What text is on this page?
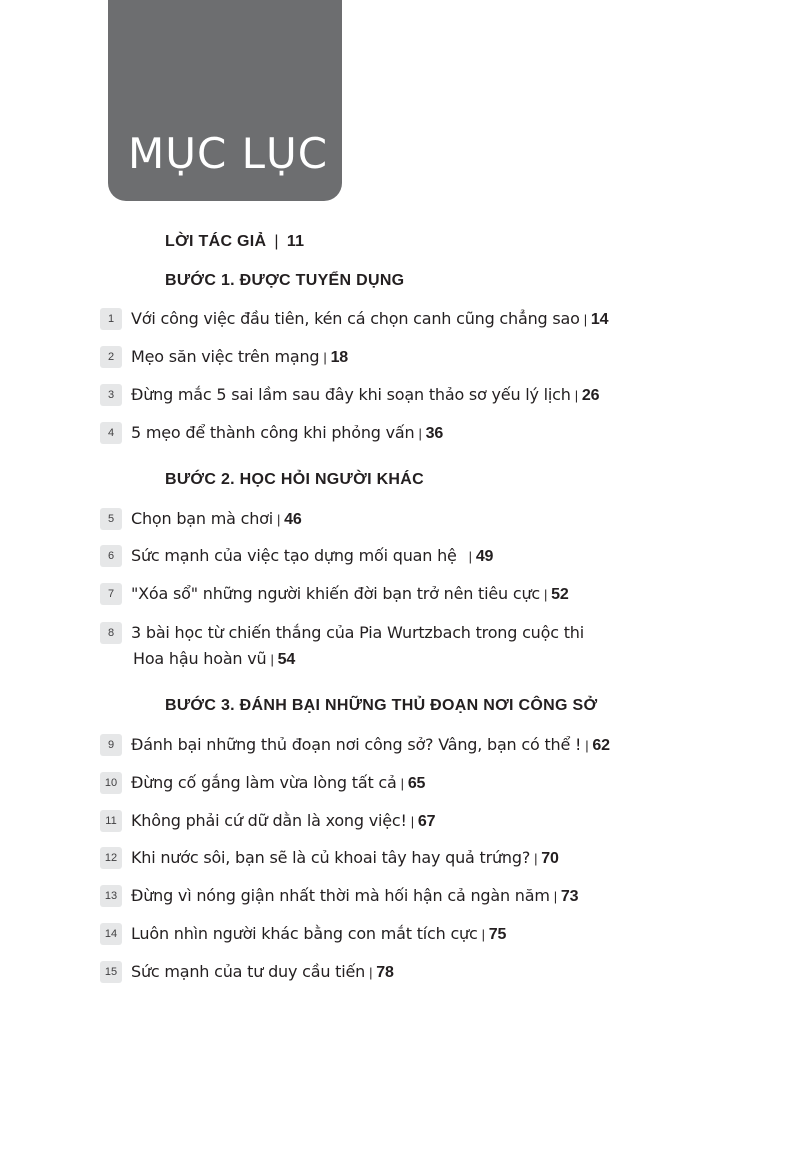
MỤC LỤC
LỜI TÁC GIẢ | 11
BƯỚC 1. ĐƯỢC TUYỂN DỤNG
1	Với công việc đầu tiên, kén cá chọn canh cũng chẳng sao | 14
2	Mẹo săn việc trên mạng | 18
3	Đừng mắc 5 sai lầm sau đây khi soạn thảo sơ yếu lý lịch | 26
4	5 mẹo để thành công khi phỏng vấn | 36
BƯỚC 2. HỌC HỎI NGƯỜI KHÁC
5	Chọn bạn mà chơi | 46
6	Sức mạnh của việc tạo dựng mối quan hệ | 49
7	"Xóa sổ" những người khiến đời bạn trở nên tiêu cực | 52
8	3 bài học từ chiến thắng của Pia Wurtzbach trong cuộc thi
Hoa hậu hoàn vũ | 54
BƯỚC 3. ĐÁNH BẠI NHỮNG THỦ ĐOẠN NƠI CÔNG SỞ
9	Đánh bại những thủ đoạn nơi công sở? Vâng, bạn có thể ! | 62
10 Đừng cố gắng làm vừa lòng tất cả | 65
11 Không phải cứ dữ dằn là xong việc! | 67
12 Khi nước sôi, bạn sẽ là củ khoai tây hay quả trứng? | 70
13 Đừng vì nóng giận nhất thời mà hối hận cả ngàn năm | 73
14 Luôn nhìn người khác bằng con mắt tích cực | 75
15 Sức mạnh của tư duy cầu tiến | 78
